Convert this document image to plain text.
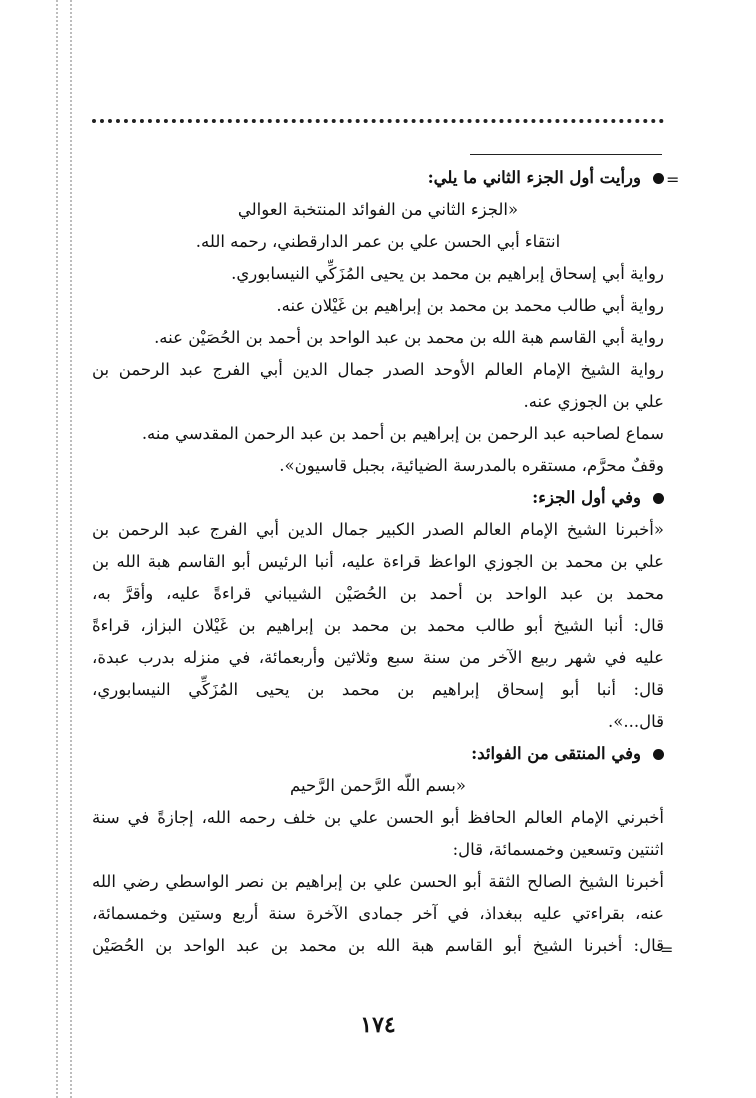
=
ورأيت أول الجزء الثاني ما يلي:
«الجزء الثاني من الفوائد المنتخبة العوالي
انتقاء أبي الحسن علي بن عمر الدارقطني، رحمه الله.
رواية أبي إسحاق إبراهيم بن محمد بن يحيى المُزَكِّي النيسابوري.
رواية أبي طالب محمد بن محمد بن إبراهيم بن غَيْلان عنه.
رواية أبي القاسم هبة الله بن محمد بن عبد الواحد بن أحمد بن الحُصَيْن عنه.
رواية الشيخ الإمام العالم الأوحد الصدر جمال الدين أبي الفرج عبد الرحمن بن
علي بن الجوزي عنه.
سماع لصاحبه عبد الرحمن بن إبراهيم بن أحمد بن عبد الرحمن المقدسي منه.
وقفٌ محرَّم، مستقره بالمدرسة الضيائية، بجبل قاسيون».
وفي أول الجزء:
«أخبرنا الشيخ الإمام العالم الصدر الكبير جمال الدين أبي الفرج عبد الرحمن بن
علي بن محمد بن الجوزي الواعظ قراءة عليه، أنبا الرئيس أبو القاسم هبة الله بن
محمد بن عبد الواحد بن أحمد بن الحُصَيْن الشيباني قراءةً عليه، وأقرَّ به،
قال: أنبا الشيخ أبو طالب محمد بن محمد بن إبراهيم بن غَيْلان البزاز، قراءةً
عليه في شهر ربيع الآخر من سنة سبع وثلاثين وأربعمائة، في منزله بدرب عبدة،
قال: أنبا أبو إسحاق إبراهيم بن محمد بن يحيى المُزَكِّي النيسابوري،
قال...».
وفي المنتقى من الفوائد:
«بسم اللّه الرَّحمن الرَّحيم
أخبرني الإمام العالم الحافظ أبو الحسن علي بن خلف رحمه الله، إجازةً في سنة
اثنتين وتسعين وخمسمائة، قال:
أخبرنا الشيخ الصالح الثقة أبو الحسن علي بن إبراهيم بن نصر الواسطي رضي الله
عنه، بقراءتي عليه ببغداذ، في آخر جمادى الآخرة سنة أربع وستين وخمسمائة،
قال: أخبرنا الشيخ أبو القاسم هبة الله بن محمد بن عبد الواحد بن الحُصَيْن
=
١٧٤
